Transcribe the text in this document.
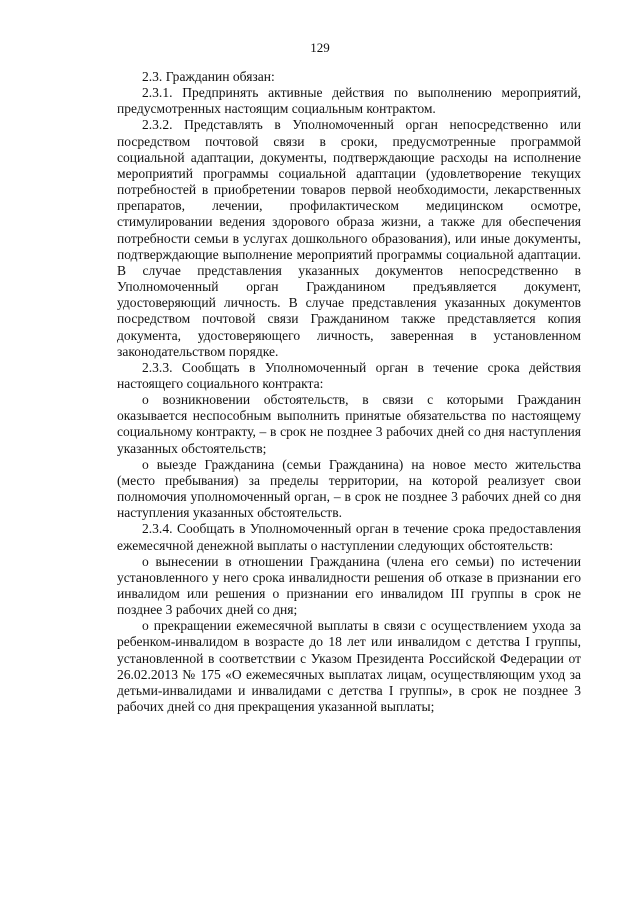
129

2.3. Гражданин обязан:

2.3.1. Предпринять активные действия по выполнению мероприятий, предусмотренных настоящим социальным контрактом.

2.3.2. Представлять в Уполномоченный орган непосредственно или посредством почтовой связи в сроки, предусмотренные программой социальной адаптации, документы, подтверждающие расходы на исполнение мероприятий программы социальной адаптации (удовлетворение текущих потребностей в приобретении товаров первой необходимости, лекарственных препаратов, лечении, профилактическом медицинском осмотре, стимулировании ведения здорового образа жизни, а также для обеспечения потребности семьи в услугах дошкольного образования), или иные документы, подтверждающие выполнение мероприятий программы социальной адаптации. В случае представления указанных документов непосредственно в Уполномоченный орган Гражданином предъявляется документ, удостоверяющий личность. В случае представления указанных документов посредством почтовой связи Гражданином также представляется копия документа, удостоверяющего личность, заверенная в установленном законодательством порядке.

2.3.3. Сообщать в Уполномоченный орган в течение срока действия настоящего социального контракта:

о возникновении обстоятельств, в связи с которыми Гражданин оказывается неспособным выполнить принятые обязательства по настоящему социальному контракту, – в срок не позднее 3 рабочих дней со дня наступления указанных обстоятельств;

о выезде Гражданина (семьи Гражданина) на новое место жительства (место пребывания) за пределы территории, на которой реализует свои полномочия уполномоченный орган, – в срок не позднее 3 рабочих дней со дня наступления указанных обстоятельств.

2.3.4. Сообщать в Уполномоченный орган в течение срока предоставления ежемесячной денежной выплаты о наступлении следующих обстоятельств:

о вынесении в отношении Гражданина (члена его семьи) по истечении установленного у него срока инвалидности решения об отказе в признании его инвалидом или решения о признании его инвалидом III группы в срок не позднее 3 рабочих дней со дня;

о прекращении ежемесячной выплаты в связи с осуществлением ухода за ребенком-инвалидом в возрасте до 18 лет или инвалидом с детства I группы, установленной в соответствии с Указом Президента Российской Федерации от 26.02.2013 № 175 «О ежемесячных выплатах лицам, осуществляющим уход за детьми-инвалидами и инвалидами с детства I группы», в срок не позднее 3 рабочих дней со дня прекращения указанной выплаты;
